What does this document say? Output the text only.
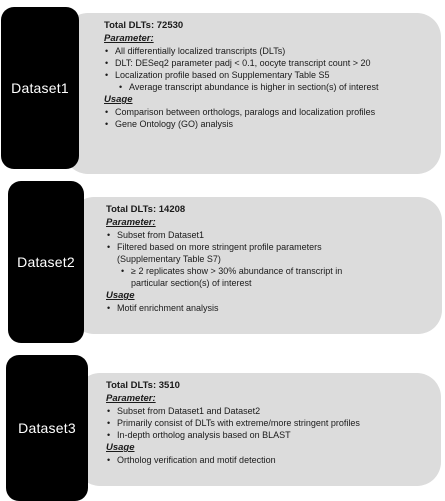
Dataset1
Total DLTs: 72530
Parameter:
• All differentially localized transcripts (DLTs)
• DLT: DESeq2 parameter padj < 0.1, oocyte transcript count > 20
• Localization profile based on Supplementary Table S5
• Average transcript abundance is higher in section(s) of interest
Usage
• Comparison between orthologs, paralogs and localization profiles
• Gene Ontology (GO) analysis
Dataset2
Total DLTs: 14208
Parameter:
• Subset from Dataset1
• Filtered based on more stringent profile parameters (Supplementary Table S7)
• ≥ 2 replicates show > 30% abundance of transcript in particular section(s) of interest
Usage
• Motif enrichment analysis
Dataset3
Total DLTs: 3510
Parameter:
• Subset from Dataset1 and Dataset2
• Primarily consist of DLTs with extreme/more stringent profiles
• In-depth ortholog analysis based on BLAST
Usage
• Ortholog verification and motif detection
